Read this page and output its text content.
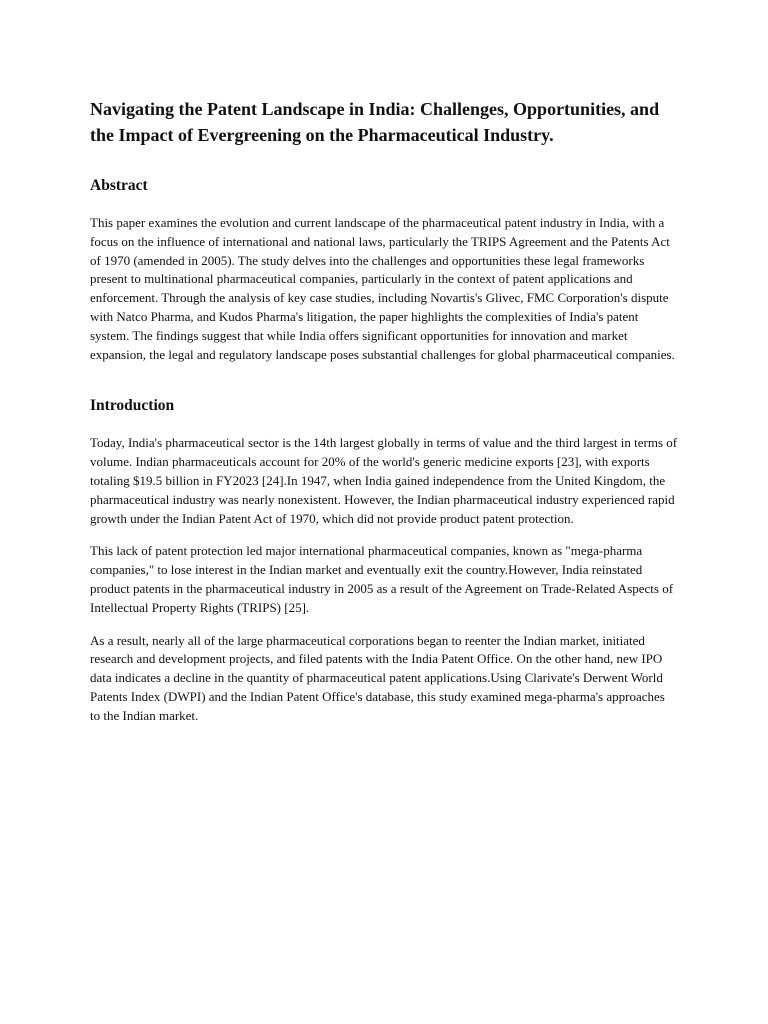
Navigating the Patent Landscape in India: Challenges, Opportunities, and the Impact of Evergreening on the Pharmaceutical Industry.
Abstract

This paper examines the evolution and current landscape of the pharmaceutical patent industry in India, with a focus on the influence of international and national laws, particularly the TRIPS Agreement and the Patents Act of 1970 (amended in 2005). The study delves into the challenges and opportunities these legal frameworks present to multinational pharmaceutical companies, particularly in the context of patent applications and enforcement. Through the analysis of key case studies, including Novartis's Glivec, FMC Corporation's dispute with Natco Pharma, and Kudos Pharma's litigation, the paper highlights the complexities of India's patent system. The findings suggest that while India offers significant opportunities for innovation and market expansion, the legal and regulatory landscape poses substantial challenges for global pharmaceutical companies.

Introduction

Today, India's pharmaceutical sector is the 14th largest globally in terms of value and the third largest in terms of volume. Indian pharmaceuticals account for 20% of the world's generic medicine exports [23], with exports totaling $19.5 billion in FY2023 [24].In 1947, when India gained independence from the United Kingdom, the pharmaceutical industry was nearly nonexistent. However, the Indian pharmaceutical industry experienced rapid growth under the Indian Patent Act of 1970, which did not provide product patent protection.

This lack of patent protection led major international pharmaceutical companies, known as "mega-pharma companies," to lose interest in the Indian market and eventually exit the country.However, India reinstated product patents in the pharmaceutical industry in 2005 as a result of the Agreement on Trade-Related Aspects of Intellectual Property Rights (TRIPS) [25].

As a result, nearly all of the large pharmaceutical corporations began to reenter the Indian market, initiated research and development projects, and filed patents with the India Patent Office. On the other hand, new IPO data indicates a decline in the quantity of pharmaceutical patent applications.Using Clarivate's Derwent World Patents Index (DWPI) and the Indian Patent Office's database, this study examined mega-pharma's approaches to the Indian market.
